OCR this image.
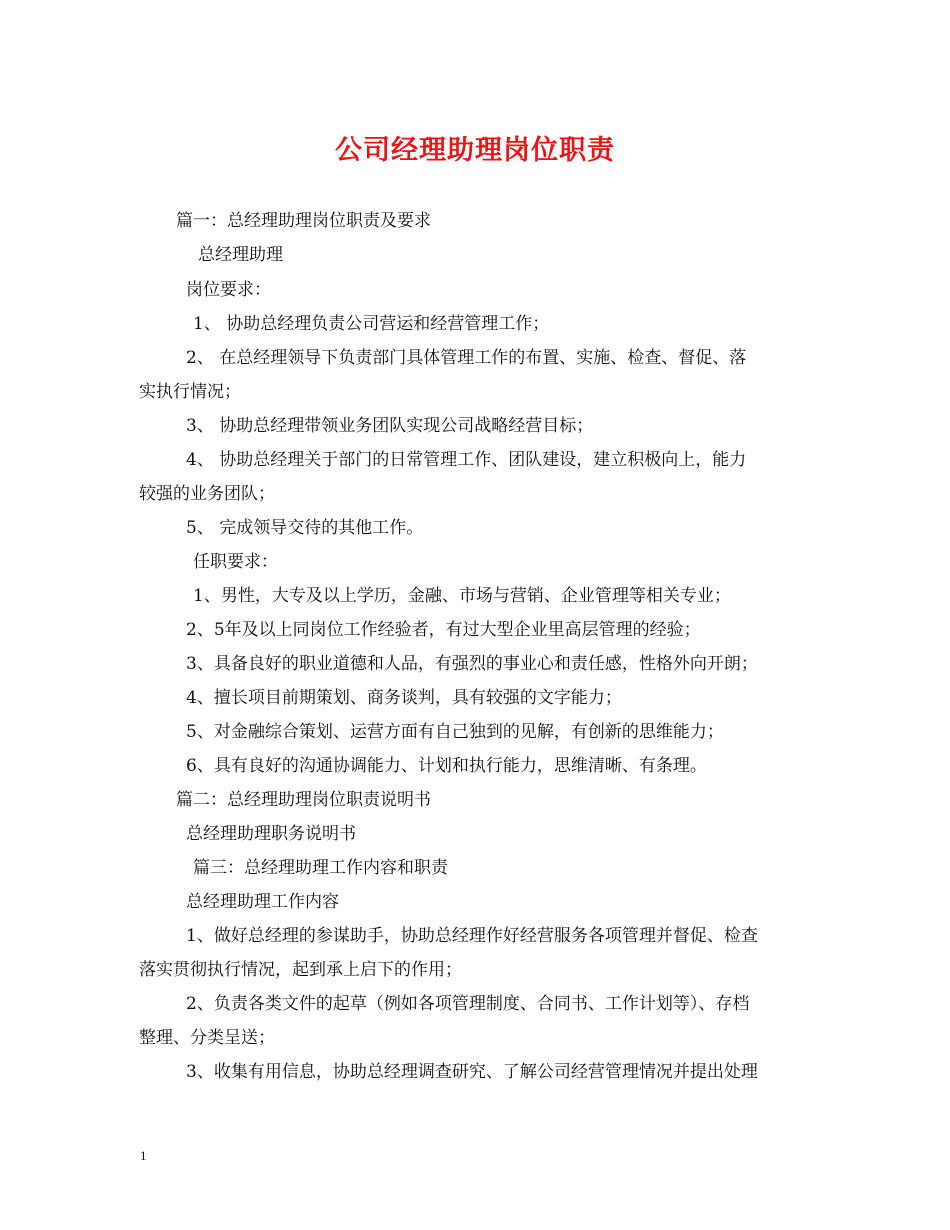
公司经理助理岗位职责
篇一：总经理助理岗位职责及要求
总经理助理
岗位要求：
1、 协助总经理负责公司营运和经营管理工作；
2、 在总经理领导下负责部门具体管理工作的布置、实施、检查、督促、落
实执行情况；
3、 协助总经理带领业务团队实现公司战略经营目标；
4、 协助总经理关于部门的日常管理工作、团队建设，建立积极向上，能力
较强的业务团队；
5、 完成领导交待的其他工作。
任职要求：
1、男性，大专及以上学历，金融、市场与营销、企业管理等相关专业；
2、5年及以上同岗位工作经验者，有过大型企业里高层管理的经验；
3、具备良好的职业道德和人品，有强烈的事业心和责任感，性格外向开朗；
4、擅长项目前期策划、商务谈判，具有较强的文字能力；
5、对金融综合策划、运营方面有自己独到的见解，有创新的思维能力；
6、具有良好的沟通协调能力、计划和执行能力，思维清晰、有条理。
篇二：总经理助理岗位职责说明书
总经理助理职务说明书
篇三：总经理助理工作内容和职责
总经理助理工作内容
1、做好总经理的参谋助手，协助总经理作好经营服务各项管理并督促、检查
落实贯彻执行情况，起到承上启下的作用；
2、负责各类文件的起草（例如各项管理制度、合同书、工作计划等）、存档
整理、分类呈送；
3、收集有用信息，协助总经理调查研究、了解公司经营管理情况并提出处理
1
